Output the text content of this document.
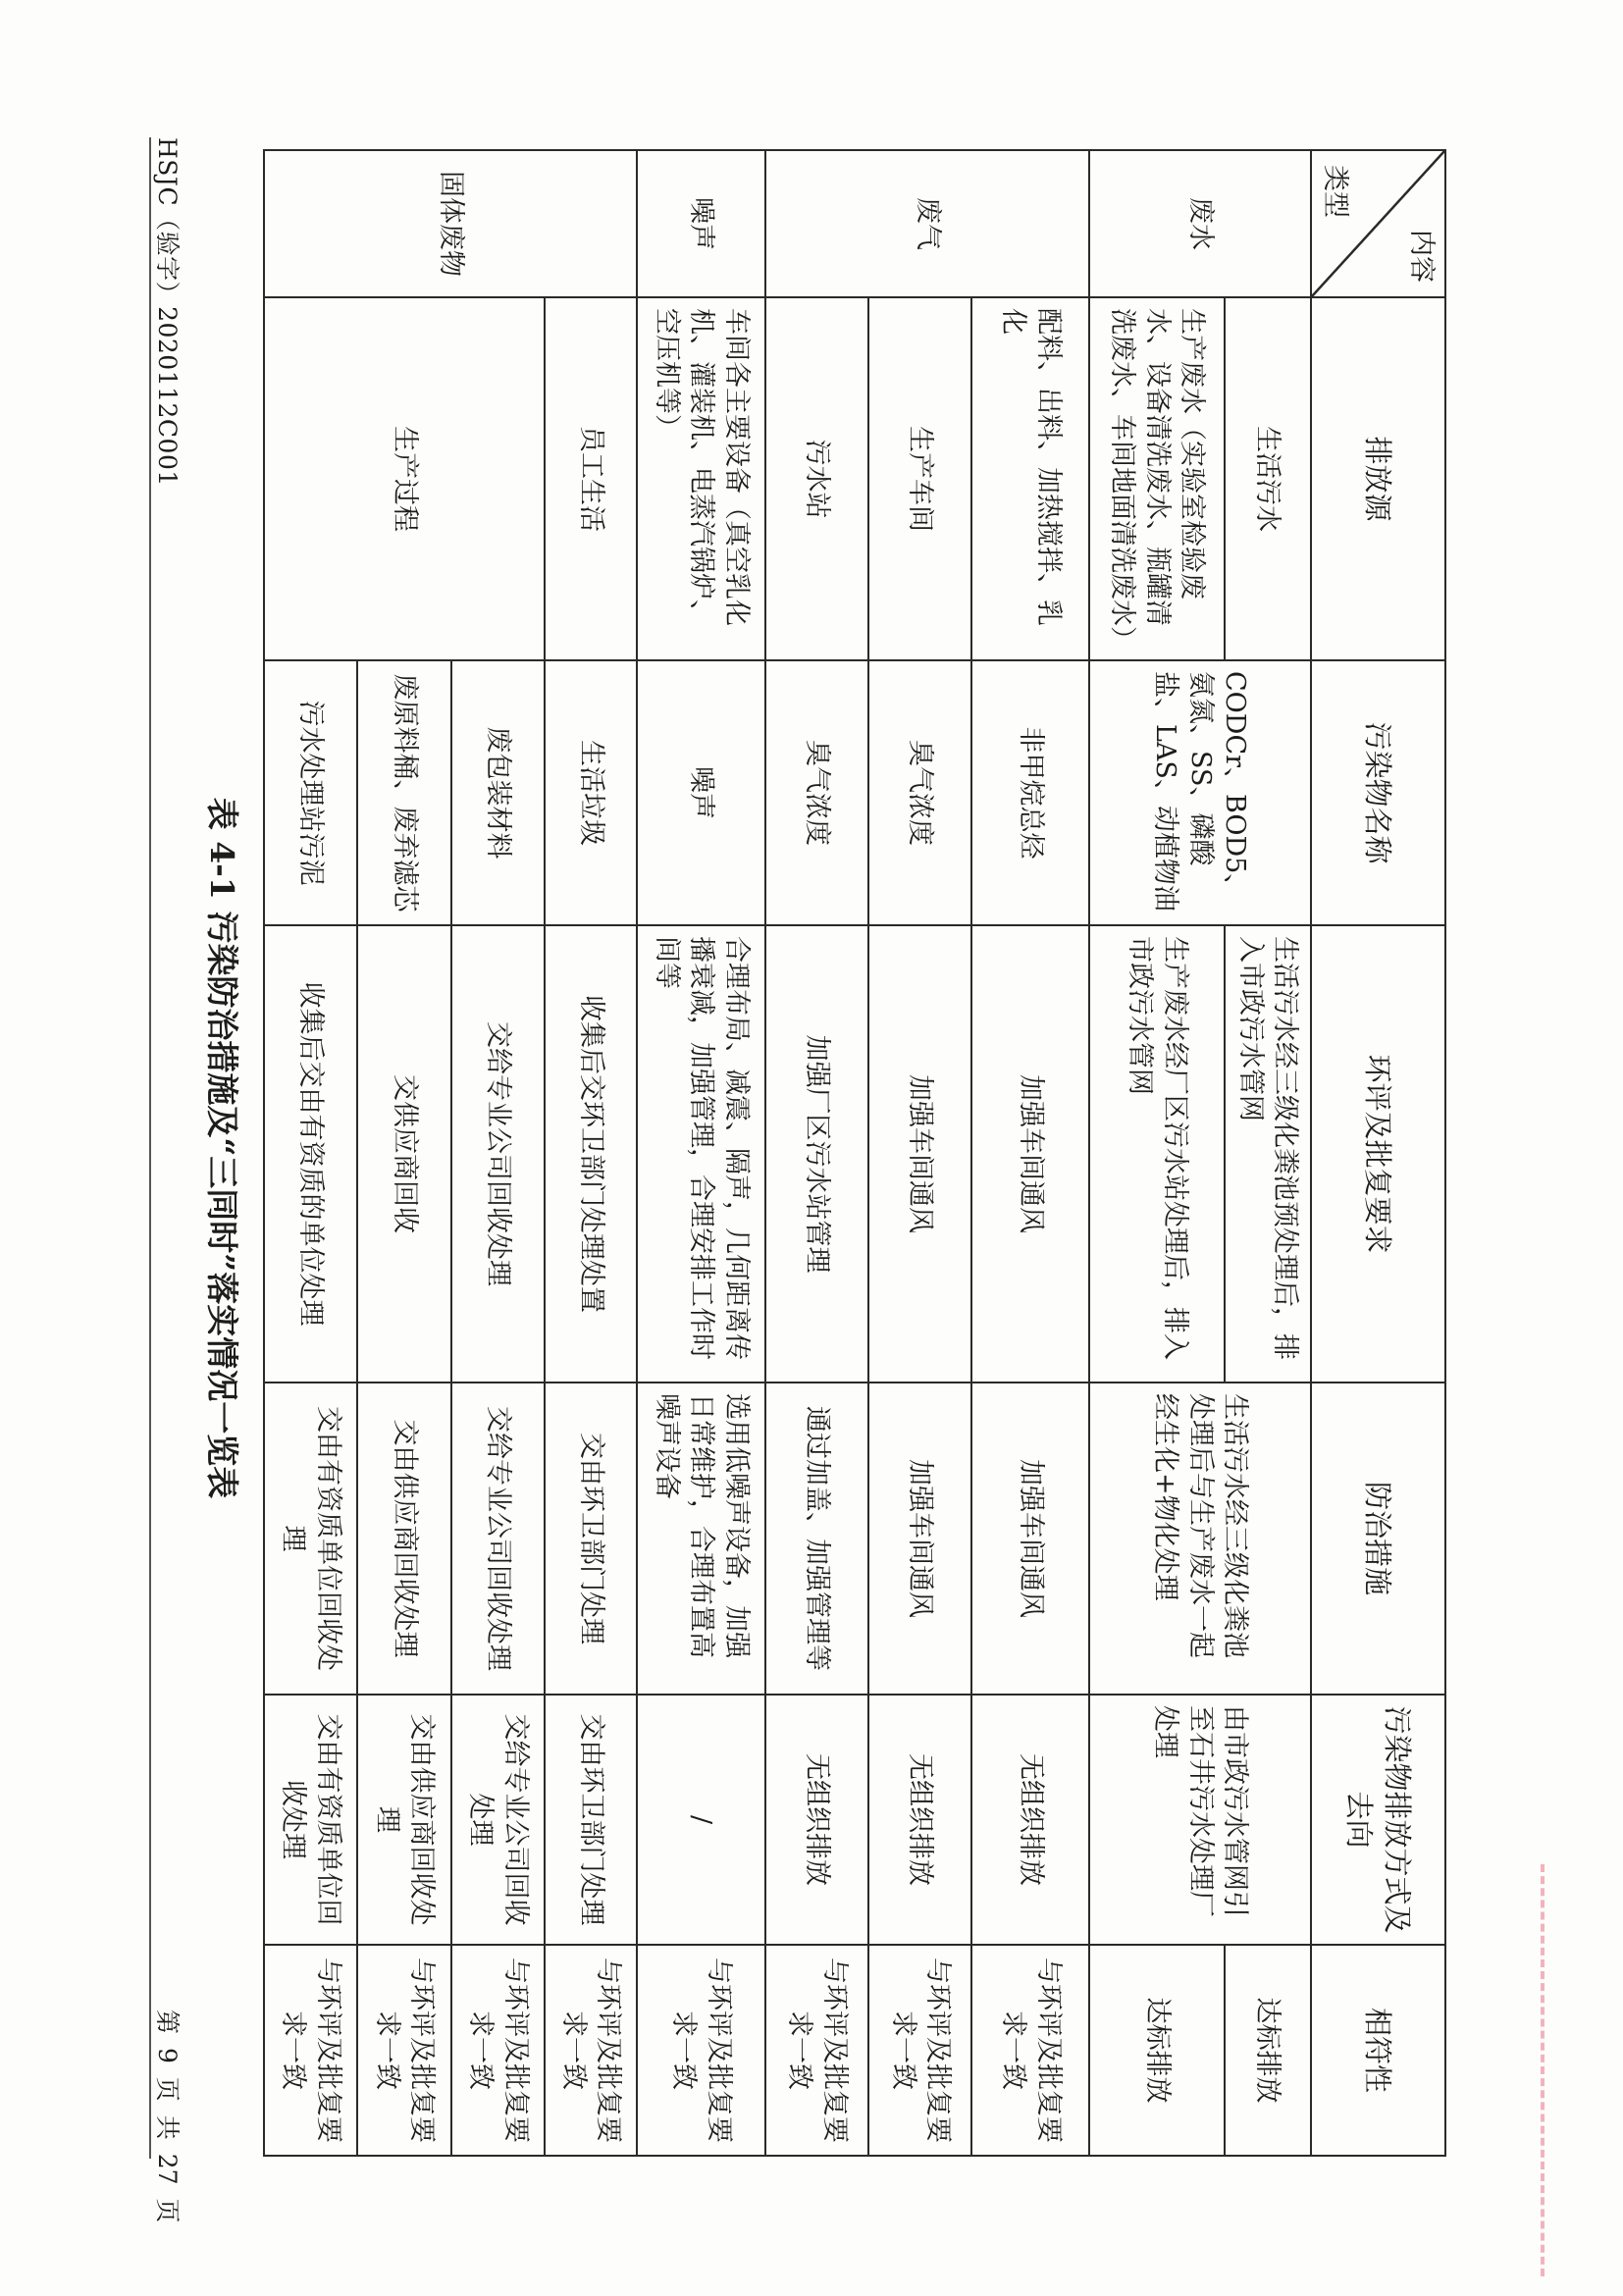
HSJC（验字）2020112C001
第 9 页 共 27 页
内容
类型	排放源	污染物名称	环评及批复要求	防治措施	污染物排放方式及去向	相符性
废水	生活污水	CODCr、BOD5、氨氮、SS、磷酸盐、LAS、动植物油	生活污水经三级化粪池预处理后，排入市政污水管网	生活污水经三级化粪池处理后与生产废水一起经生化+物化处理	由市政污水管网引至石井污水处理厂处理	达标排放
	生产废水（实验室检验废水、设备清洗废水、瓶罐清洗废水、车间地面清洗废水）		生产废水经厂区污水站处理后，排入市政污水管网			达标排放
废气	配料、出料、加热搅拌、乳化	非甲烷总烃	加强车间通风	加强车间通风	无组织排放	与环评及批复要求一致
	生产车间	臭气浓度	加强车间通风	加强车间通风	无组织排放	与环评及批复要求一致
	污水站	臭气浓度	加强厂区污水站管理	通过加盖、加强管理等	无组织排放	与环评及批复要求一致
噪声	车间各主要设备（真空乳化机、灌装机、电蒸汽锅炉、空压机等）	噪声	合理布局、减震、隔声，几何距离传播衰减，加强管理，合理安排工作时间等	选用低噪声设备，加强日常维护，合理布置高噪声设备	/	与环评及批复要求一致
固体废物	员工生活	生活垃圾	收集后交环卫部门处理处置	交由环卫部门处理	交由环卫部门处理	与环评及批复要求一致
	生产过程	废包装材料	交给专业公司回收处理	交给专业公司回收处理	交给专业公司回收处理	与环评及批复要求一致
		废原料桶、废弃滤芯	交供应商回收	交由供应商回收处理	交由供应商回收处理	与环评及批复要求一致
		污水处理站污泥	收集后交由有资质的单位处理	交由有资质单位回收处理	交由有资质单位回收处理	与环评及批复要求一致
表 4-1 污染防治措施及“三同时”落实情况一览表
